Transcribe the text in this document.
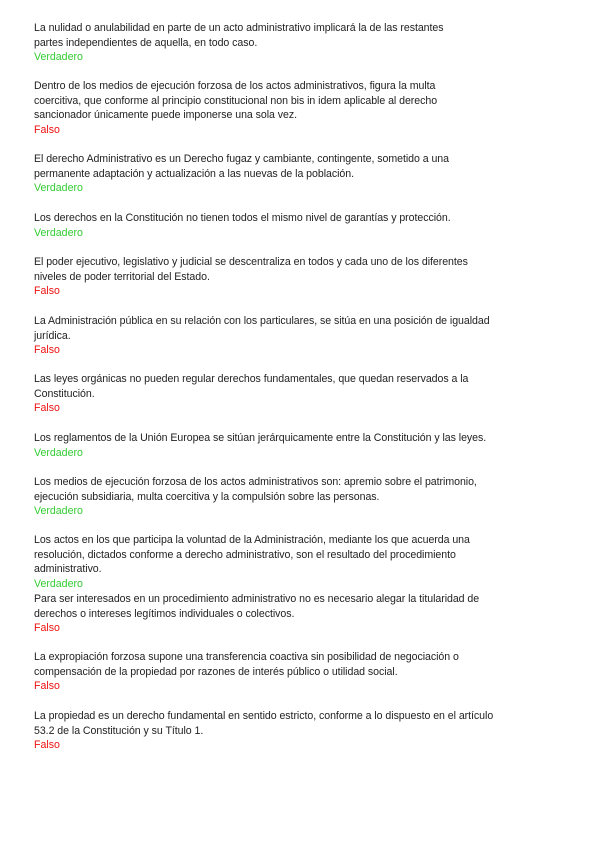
La nulidad o anulabilidad en parte de un acto administrativo implicará la de las restantes
partes independientes de aquella, en todo caso.
Verdadero
Dentro de los medios de ejecución forzosa de los actos administrativos, figura la multa
coercitiva, que conforme al principio constitucional non bis in idem aplicable al derecho
sancionador únicamente puede imponerse una sola vez.
Falso
El derecho Administrativo es un Derecho fugaz y cambiante, contingente, sometido a una
permanente adaptación y actualización a las nuevas de la población.
Verdadero
Los derechos en la Constitución no tienen todos el mismo nivel de garantías y protección.
Verdadero
El poder ejecutivo, legislativo y judicial se descentraliza en todos y cada uno de los diferentes
niveles de poder territorial del Estado.
Falso
La Administración pública en su relación con los particulares, se sitúa en una posición de igualdad
jurídica.
Falso
Las leyes orgánicas no pueden regular derechos fundamentales, que quedan reservados a la
Constitución.
Falso
Los reglamentos de la Unión Europea se sitúan jerárquicamente entre la Constitución y las leyes.
Verdadero
Los medios de ejecución forzosa de los actos administrativos son: apremio sobre el patrimonio,
ejecución subsidiaria, multa coercitiva y la compulsión sobre las personas.
Verdadero
Los actos en los que participa la voluntad de la Administración, mediante los que acuerda una
resolución, dictados conforme a derecho administrativo, son el resultado del procedimiento
administrativo.
Verdadero
Para ser interesados en un procedimiento administrativo no es necesario alegar la titularidad de
derechos o intereses legítimos individuales o colectivos.
Falso
La expropiación forzosa supone una transferencia coactiva sin posibilidad de negociación o
compensación de la propiedad por razones de interés público o utilidad social.
Falso
La propiedad es un derecho fundamental en sentido estricto, conforme a lo dispuesto en el artículo
53.2 de la Constitución y su Título 1.
Falso
